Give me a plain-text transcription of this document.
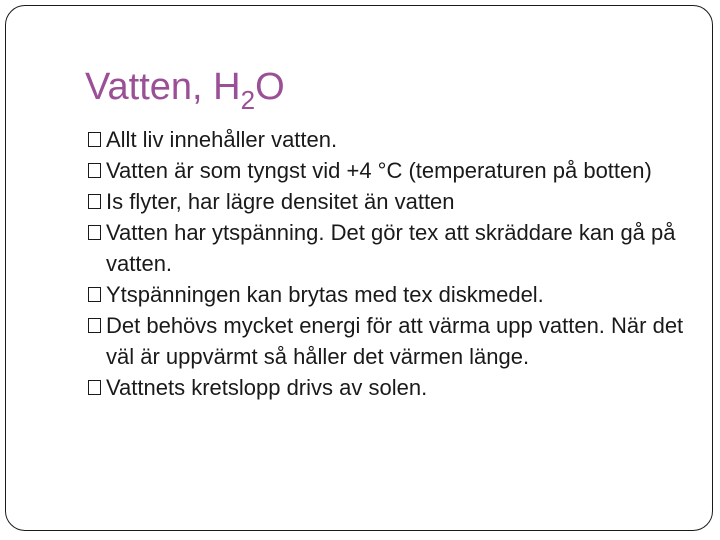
Vatten, $H_2O$
Allt liv innehåller vatten.
Vatten är som tyngst vid +4 °C (temperaturen på botten)
Is flyter, har lägre densitet än vatten
Vatten har ytspänning. Det gör tex att skräddare kan gå på vatten.
Ytspänningen kan brytas med tex diskmedel.
Det behövs mycket energi för att värma upp vatten. När det väl är uppvärmt så håller det värmen länge.
Vattnets kretslopp drivs av solen.
